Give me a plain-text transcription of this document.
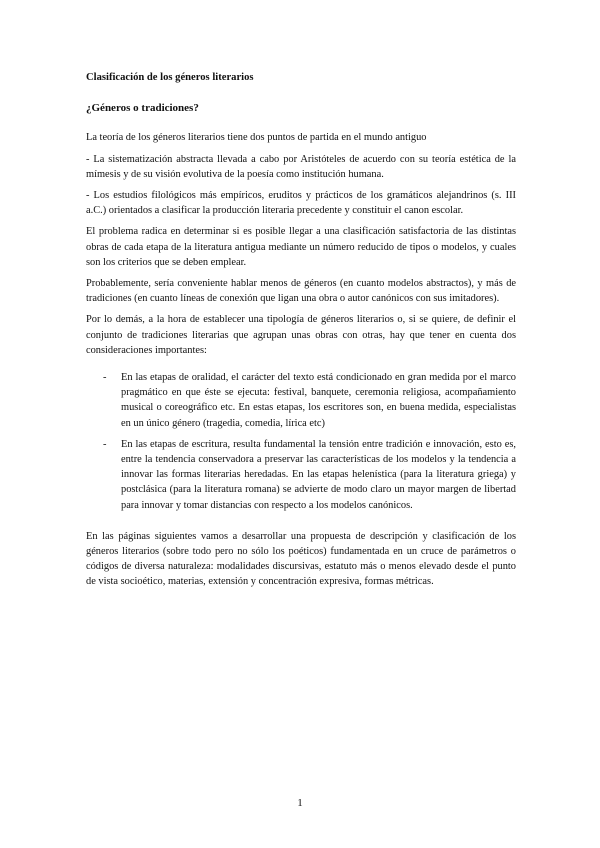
Clasificación de los géneros literarios
¿Géneros o tradiciones?

La teoría de los géneros literarios tiene dos puntos de partida en el mundo antiguo

- La sistematización abstracta llevada a cabo por Aristóteles de acuerdo con su teoría estética de la mímesis y de su visión evolutiva de la poesía como institución humana.

- Los estudios filológicos más empíricos, eruditos y prácticos de los gramáticos alejandrinos (s. III a.C.) orientados a clasificar la producción literaria precedente y constituir el canon escolar.

El problema radica en determinar si es posible llegar a una clasificación satisfactoria de las distintas obras de cada etapa de la literatura antigua mediante un número reducido de tipos o modelos, y cuales son los criterios que se deben emplear.

Probablemente, sería conveniente hablar menos de géneros (en cuanto modelos abstractos), y más de tradiciones (en cuanto líneas de conexión que ligan una obra o autor canónicos con sus imitadores).

Por lo demás, a la hora de establecer una tipología de géneros literarios o, si se quiere, de definir el conjunto de tradiciones literarias que agrupan unas obras con otras, hay que tener en cuenta dos consideraciones importantes:

- En las etapas de oralidad, el carácter del texto está condicionado en gran medida por el marco pragmático en que éste se ejecuta: festival, banquete, ceremonia religiosa, acompañamiento musical o coreográfico etc. En estas etapas, los escritores son, en buena medida, especialistas en un único género (tragedia, comedia, lírica etc)
- En las etapas de escritura, resulta fundamental la tensión entre tradición e innovación, esto es, entre la tendencia conservadora a preservar las características de los modelos y la tendencia a innovar las formas literarias heredadas. En las etapas helenística (para la literatura griega) y postclásica (para la literatura romana) se advierte de modo claro un mayor margen de libertad para innovar y tomar distancias con respecto a los modelos canónicos.

En las páginas siguientes vamos a desarrollar una propuesta de descripción y clasificación de los géneros literarios (sobre todo pero no sólo los poéticos) fundamentada en un cruce de parámetros o códigos de diversa naturaleza: modalidades discursivas, estatuto más o menos elevado desde el punto de vista socioético, materias, extensión y concentración expresiva, formas métricas.

1
